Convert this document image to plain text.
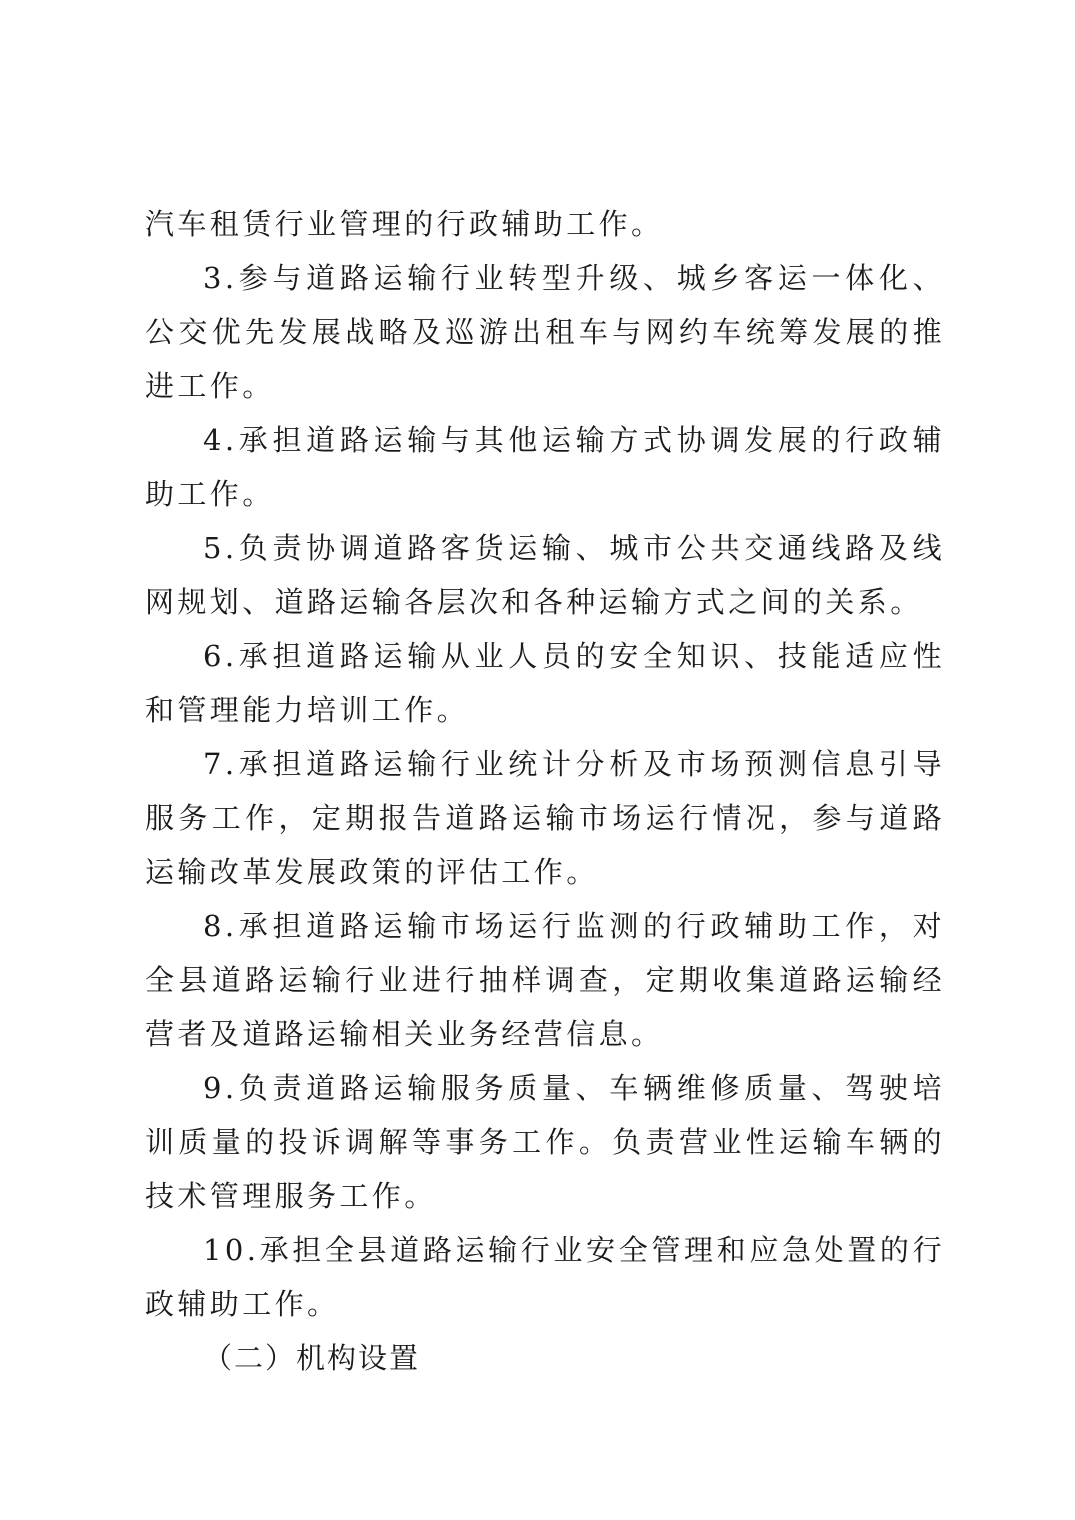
汽车租赁行业管理的行政辅助工作。

3.参与道路运输行业转型升级、城乡客运一体化、公交优先发展战略及巡游出租车与网约车统筹发展的推进工作。

4.承担道路运输与其他运输方式协调发展的行政辅助工作。

5.负责协调道路客货运输、城市公共交通线路及线网规划、道路运输各层次和各种运输方式之间的关系。

6.承担道路运输从业人员的安全知识、技能适应性和管理能力培训工作。

7.承担道路运输行业统计分析及市场预测信息引导服务工作，定期报告道路运输市场运行情况，参与道路运输改革发展政策的评估工作。

8.承担道路运输市场运行监测的行政辅助工作，对全县道路运输行业进行抽样调查，定期收集道路运输经营者及道路运输相关业务经营信息。

9.负责道路运输服务质量、车辆维修质量、驾驶培训质量的投诉调解等事务工作。负责营业性运输车辆的技术管理服务工作。

10.承担全县道路运输行业安全管理和应急处置的行政辅助工作。

（二）机构设置
